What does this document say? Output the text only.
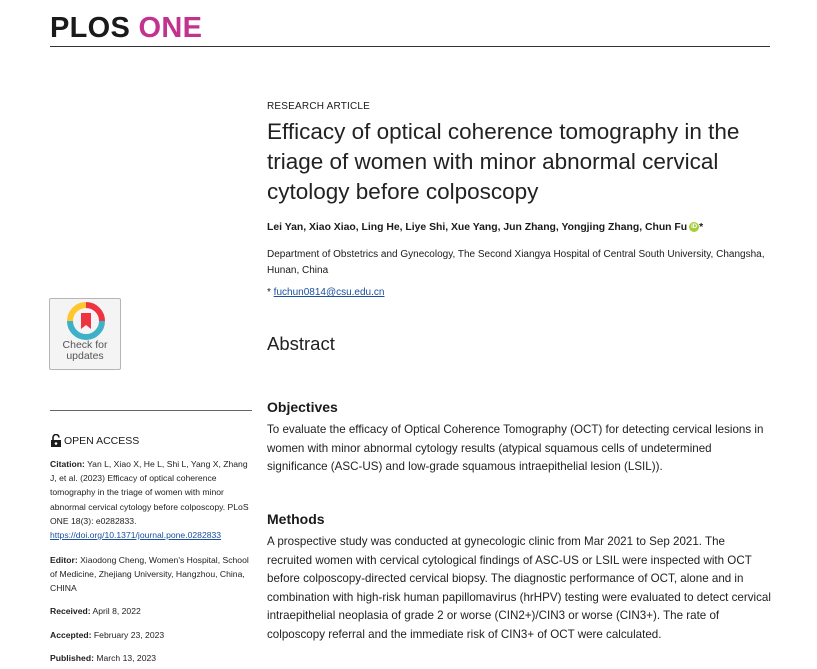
PLOS ONE
RESEARCH ARTICLE
Efficacy of optical coherence tomography in the triage of women with minor abnormal cervical cytology before colposcopy
Lei Yan, Xiao Xiao, Ling He, Liye Shi, Xue Yang, Jun Zhang, Yongjing Zhang, Chun Fu iD *
Department of Obstetrics and Gynecology, The Second Xiangya Hospital of Central South University, Changsha, Hunan, China
* fuchun0814@csu.edu.cn
Check for
updates
OPEN ACCESS
Citation: Yan L, Xiao X, He L, Shi L, Yang X, Zhang J, et al. (2023) Efficacy of optical coherence tomography in the triage of women with minor abnormal cervical cytology before colposcopy. PLoS ONE 18(3): e0282833. https://doi.org/10.1371/journal.pone.0282833
Editor: Xiaodong Cheng, Women's Hospital, School of Medicine, Zhejiang University, Hangzhou, China, CHINA
Received: April 8, 2022
Accepted: February 23, 2023
Published: March 13, 2023
Abstract
Objectives

To evaluate the efficacy of Optical Coherence Tomography (OCT) for detecting cervical lesions in women with minor abnormal cytology results (atypical squamous cells of undetermined significance (ASC-US) and low-grade squamous intraepithelial lesion (LSIL)).

Methods

A prospective study was conducted at gynecologic clinic from Mar 2021 to Sep 2021. The recruited women with cervical cytological findings of ASC-US or LSIL were inspected with OCT before colposcopy-directed cervical biopsy. The diagnostic performance of OCT, alone and in combination with high-risk human papillomavirus (hrHPV) testing were evaluated to detect cervical intraepithelial neoplasia of grade 2 or worse (CIN2+)/CIN3 or worse (CIN3+). The rate of colposcopy referral and the immediate risk of CIN3+ of OCT were calculated.
